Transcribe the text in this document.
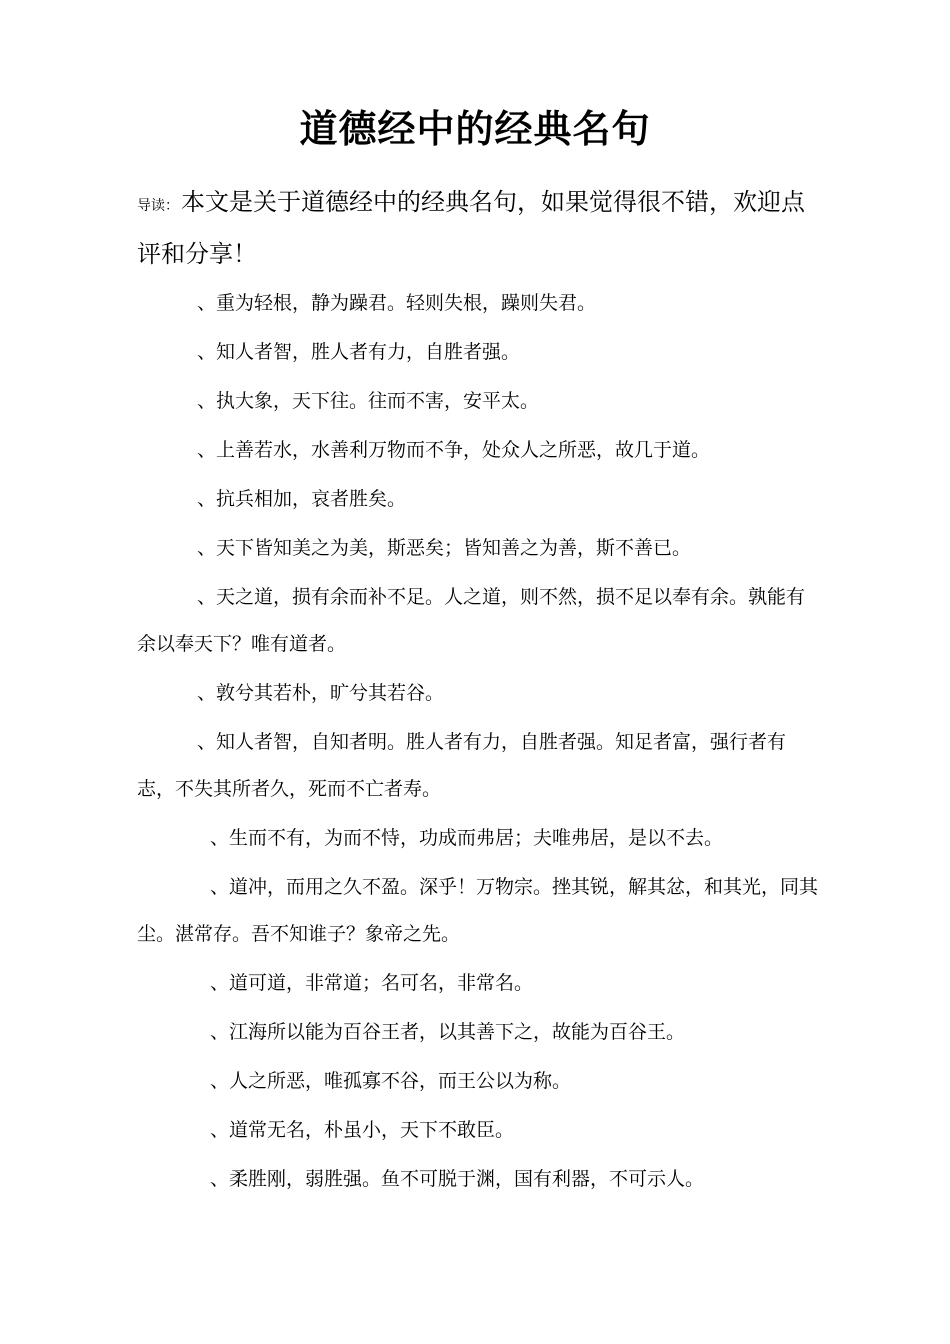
道德经中的经典名句
导读：本文是关于道德经中的经典名句，如果觉得很不错，欢迎点评和分享！

、重为轻根，静为躁君。轻则失根，躁则失君。

、知人者智，胜人者有力，自胜者强。

、执大象，天下往。往而不害，安平太。

、上善若水，水善利万物而不争，处众人之所恶，故几于道。

、抗兵相加，哀者胜矣。

、天下皆知美之为美，斯恶矣；皆知善之为善，斯不善已。

、天之道，损有余而补不足。人之道，则不然，损不足以奉有余。孰能有余以奉天下？唯有道者。

、敦兮其若朴，旷兮其若谷。

、知人者智，自知者明。胜人者有力，自胜者强。知足者富，强行者有志，不失其所者久，死而不亡者寿。

、生而不有，为而不恃，功成而弗居；夫唯弗居，是以不去。

、道冲，而用之久不盈。深乎！万物宗。挫其锐，解其忿，和其光，同其尘。湛常存。吾不知谁子？象帝之先。

、道可道，非常道；名可名，非常名。

、江海所以能为百谷王者，以其善下之，故能为百谷王。

、人之所恶，唯孤寡不谷，而王公以为称。

、道常无名，朴虽小，天下不敢臣。

、柔胜刚，弱胜强。鱼不可脱于渊，国有利器，不可示人。
